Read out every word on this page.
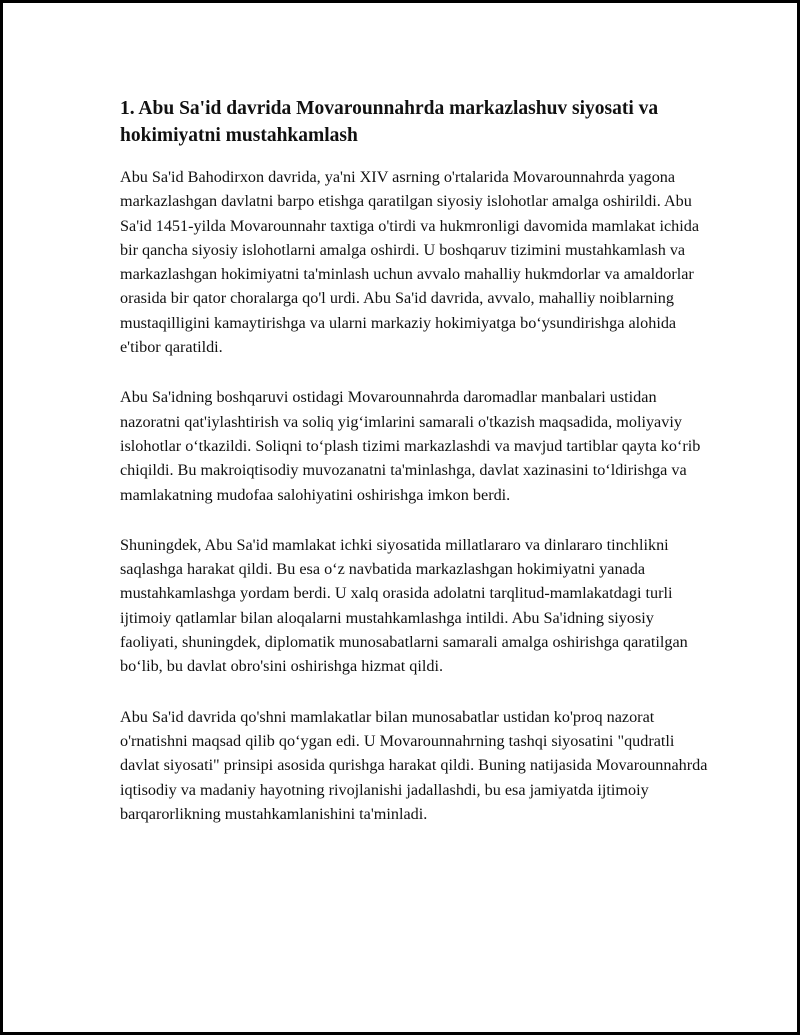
1. Abu Sa'id davrida Movarounnahrda markazlashuv siyosati va hokimiyatni mustahkamlash

Abu Sa'id Bahodirxon davrida, ya'ni XIV asrning o'rtalarida Movarounnahrda yagona markazlashgan davlatni barpo etishga qaratilgan siyosiy islohotlar amalga oshirildi. Abu Sa'id 1451-yilda Movarounnahr taxtiga o'tirdi va hukmronligi davomida mamlakat ichida bir qancha siyosiy islohotlarni amalga oshirdi. U boshqaruv tizimini mustahkamlash va markazlashgan hokimiyatni ta'minlash uchun avvalo mahalliy hukmdorlar va amaldorlar orasida bir qator choralarga qo'l urdi. Abu Sa'id davrida, avvalo, mahalliy noiblarning mustaqilligini kamaytirishga va ularni markaziy hokimiyatga bo‘ysundirishga alohida e'tibor qaratildi.

Abu Sa'idning boshqaruvi ostidagi Movarounnahrda daromadlar manbalari ustidan nazoratni qat'iylashtirish va soliq yig‘imlarini samarali o'tkazish maqsadida, moliyaviy islohotlar o‘tkazildi. Soliqni to‘plash tizimi markazlashdi va mavjud tartiblar qayta ko‘rib chiqildi. Bu makroiqtisodiy muvozanatni ta'minlashga, davlat xazinasini to‘ldirishga va mamlakatning mudofaa salohiyatini oshirishga imkon berdi.

Shuningdek, Abu Sa'id mamlakat ichki siyosatida millatlararo va dinlararo tinchlikni saqlashga harakat qildi. Bu esa o‘z navbatida markazlashgan hokimiyatni yanada mustahkamlashga yordam berdi. U xalq orasida adolatni tarqlitud-mamlakatdagi turli ijtimoiy qatlamlar bilan aloqalarni mustahkamlashga intildi. Abu Sa'idning siyosiy faoliyati, shuningdek, diplomatik munosabatlarni samarali amalga oshirishga qaratilgan bo‘lib, bu davlat obro'sini oshirishga hizmat qildi.

Abu Sa'id davrida qo'shni mamlakatlar bilan munosabatlar ustidan ko'proq nazorat o'rnatishni maqsad qilib qo‘ygan edi. U Movarounnahrning tashqi siyosatini "qudratli davlat siyosati" prinsipi asosida qurishga harakat qildi. Buning natijasida Movarounnahrda iqtisodiy va madaniy hayotning rivojlanishi jadallashdi, bu esa jamiyatda ijtimoiy barqarorlikning mustahkamlanishini ta'minladi.
